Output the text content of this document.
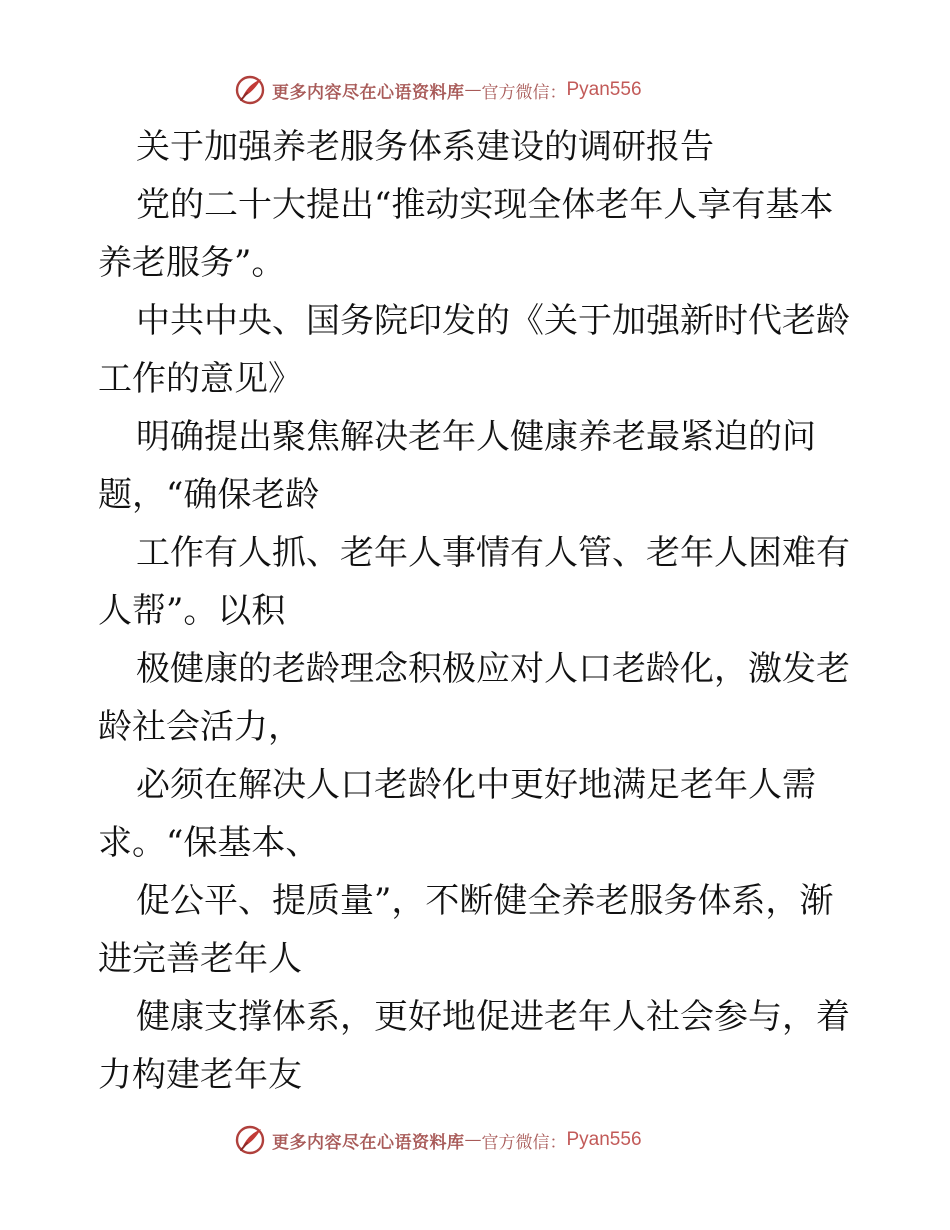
更多内容尽在心语资料库 — 官方微信： Pyan556
关于加强养老服务体系建设的调研报告
党的二十大提出“推动实现全体老年人享有基本
养老服务”。
中共中央、国务院印发的《关于加强新时代老龄
工作的意见》
明确提出聚焦解决老年人健康养老最紧迫的问
题，“确保老龄
工作有人抓、老年人事情有人管、老年人困难有
人帮”。以积
极健康的老龄理念积极应对人口老龄化，激发老
龄社会活力，
必须在解决人口老龄化中更好地满足老年人需
求。“保基本、
促公平、提质量”，不断健全养老服务体系，渐
进完善老年人
健康支撑体系，更好地促进老年人社会参与，着
力构建老年友
更多内容尽在心语资料库 — 官方微信： Pyan556
